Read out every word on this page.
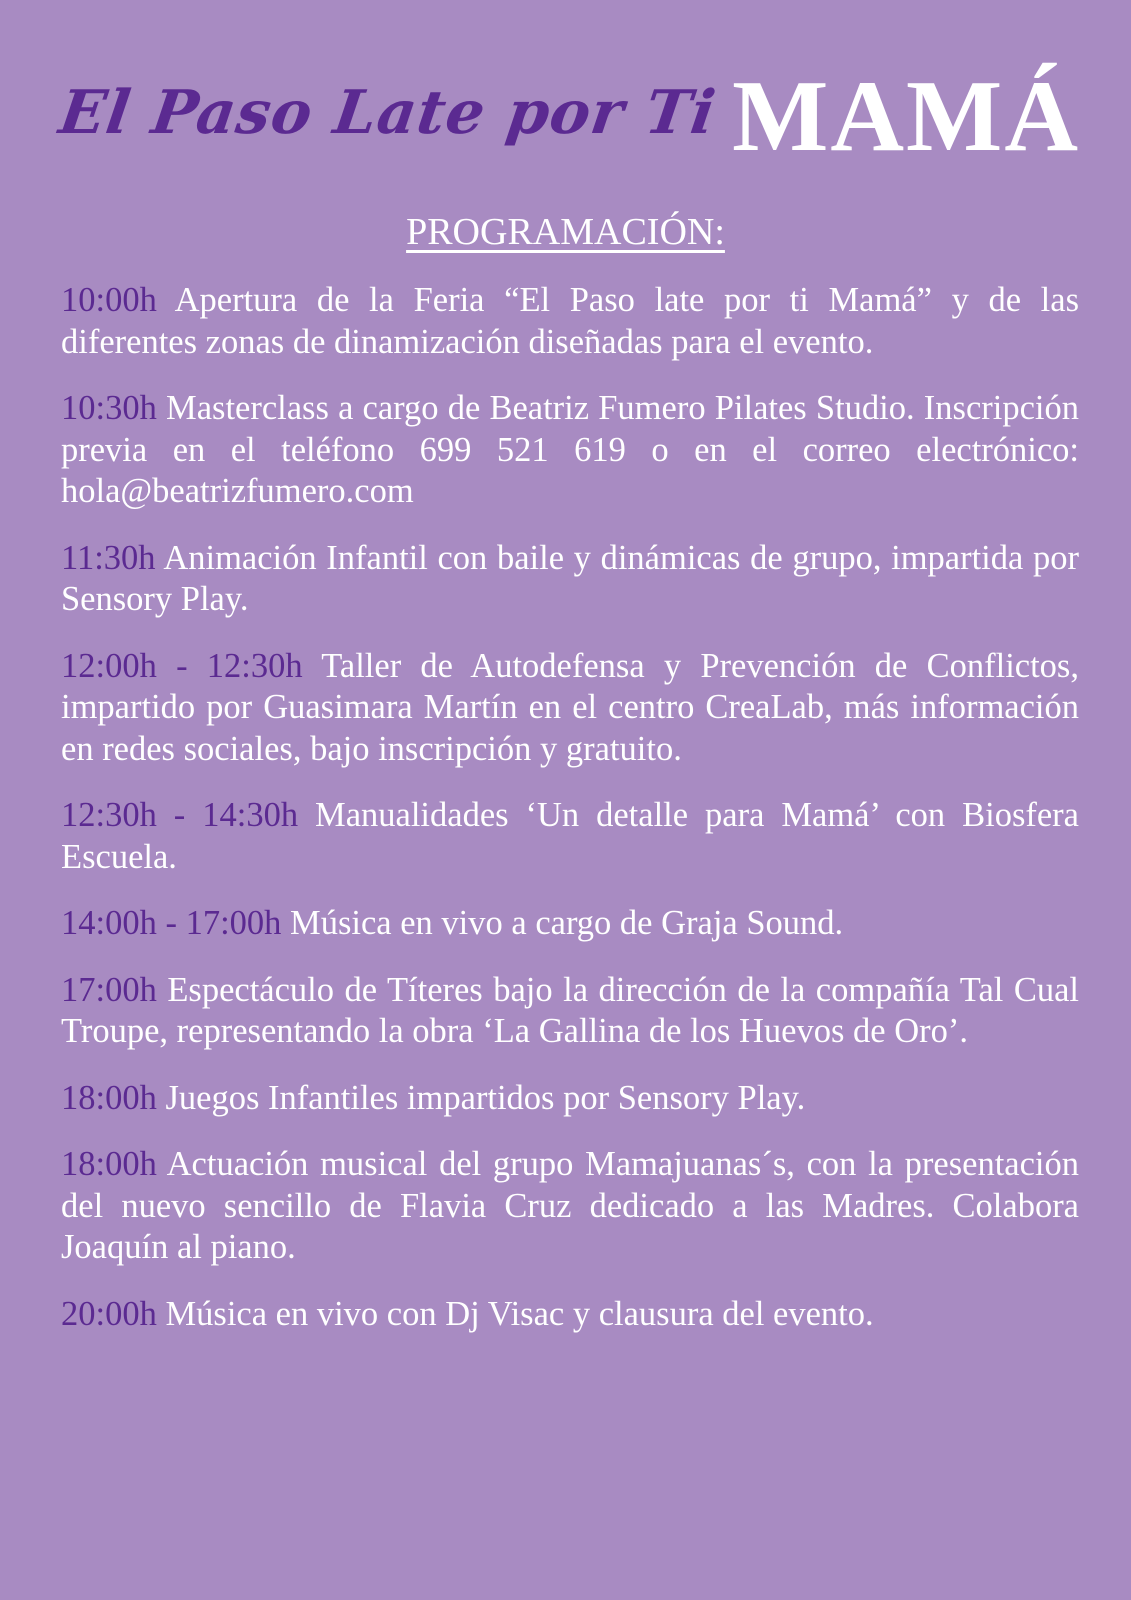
El Paso Late por Ti MAMÁ
PROGRAMACIÓN:

10:00h Apertura de la Feria “El Paso late por ti Mamá” y de las diferentes zonas de dinamización diseñadas para el evento.

10:30h Masterclass a cargo de Beatriz Fumero Pilates Studio. Inscripción previa en el teléfono 699 521 619 o en el correo electrónico: hola@beatrizfumero.com

11:30h Animación Infantil con baile y dinámicas de grupo, impartida por Sensory Play.

12:00h - 12:30h Taller de Autodefensa y Prevención de Conflictos, impartido por Guasimara Martín en el centro CreaLab, más información en redes sociales, bajo inscripción y gratuito.

12:30h - 14:30h Manualidades ‘Un detalle para Mamá’ con Biosfera Escuela.

14:00h - 17:00h Música en vivo a cargo de Graja Sound.

17:00h Espectáculo de Títeres bajo la dirección de la compañía Tal Cual Troupe, representando la obra ‘La Gallina de los Huevos de Oro’.

18:00h Juegos Infantiles impartidos por Sensory Play.

18:00h Actuación musical del grupo Mamajuanas´s, con la presentación del nuevo sencillo de Flavia Cruz dedicado a las Madres. Colabora Joaquín al piano.

20:00h Música en vivo con Dj Visac y clausura del evento.
